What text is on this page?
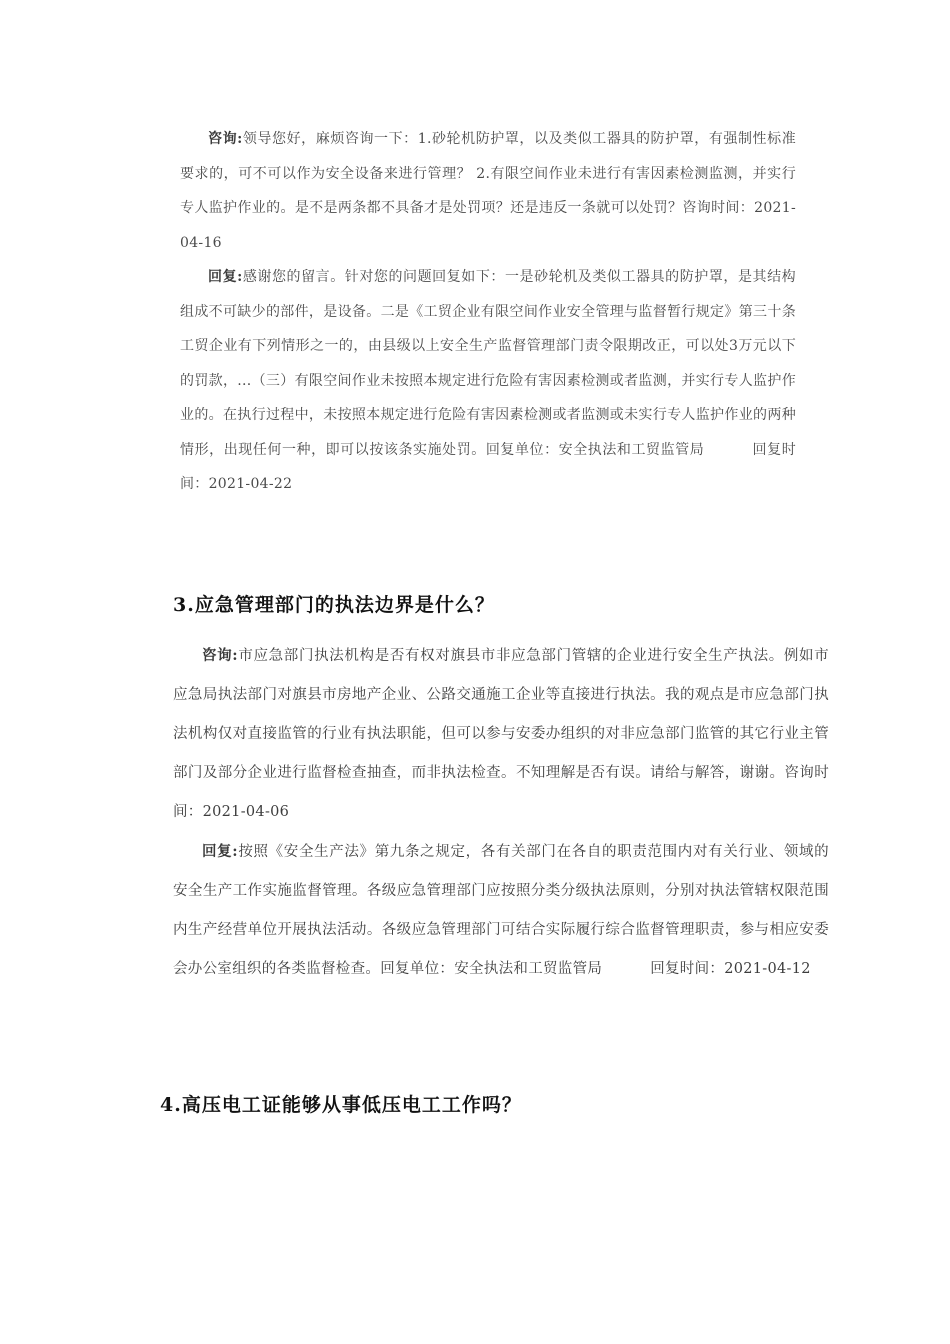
咨询:领导您好，麻烦咨询一下：1.砂轮机防护罩，以及类似工器具的防护罩，有强制性标准要求的，可不可以作为安全设备来进行管理？ 2.有限空间作业未进行有害因素检测监测，并实行专人监护作业的。是不是两条都不具备才是处罚项？还是违反一条就可以处罚？咨询时间：2021-04-16

回复:感谢您的留言。针对您的问题回复如下：一是砂轮机及类似工器具的防护罩，是其结构组成不可缺少的部件，是设备。二是《工贸企业有限空间作业安全管理与监督暂行规定》第三十条 工贸企业有下列情形之一的，由县级以上安全生产监督管理部门责令限期改正，可以处3万元以下的罚款，...（三）有限空间作业未按照本规定进行危险有害因素检测或者监测，并实行专人监护作业的。在执行过程中，未按照本规定进行危险有害因素检测或者监测或未实行专人监护作业的两种情形，出现任何一种，即可以按该条实施处罚。回复单位：安全执法和工贸监管局	回复时间：2021-04-22

3.应急管理部门的执法边界是什么？

咨询:市应急部门执法机构是否有权对旗县市非应急部门管辖的企业进行安全生产执法。例如市应急局执法部门对旗县市房地产企业、公路交通施工企业等直接进行执法。我的观点是市应急部门执法机构仅对直接监管的行业有执法职能，但可以参与安委办组织的对非应急部门监管的其它行业主管部门及部分企业进行监督检查抽查，而非执法检查。不知理解是否有误。请给与解答，谢谢。咨询时间：2021-04-06

回复:按照《安全生产法》第九条之规定，各有关部门在各自的职责范围内对有关行业、领域的安全生产工作实施监督管理。各级应急管理部门应按照分类分级执法原则，分别对执法管辖权限范围内生产经营单位开展执法活动。各级应急管理部门可结合实际履行综合监督管理职责，参与相应安委会办公室组织的各类监督检查。回复单位：安全执法和工贸监管局	回复时间：2021-04-12

4.高压电工证能够从事低压电工工作吗？
